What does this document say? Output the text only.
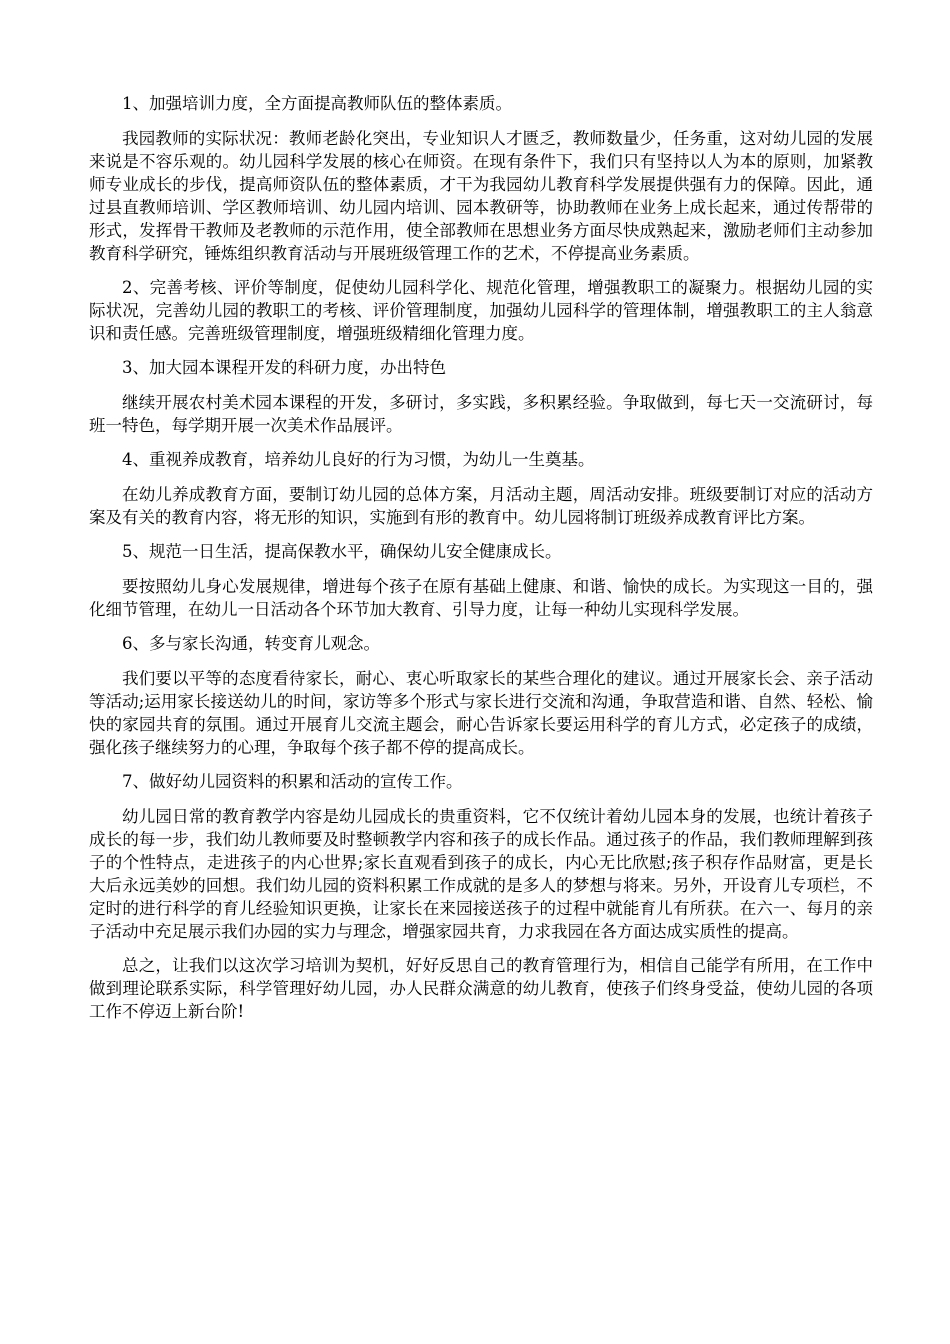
1、加强培训力度，全方面提高教师队伍的整体素质。

我园教师的实际状况：教师老龄化突出，专业知识人才匮乏，教师数量少，任务重，这对幼儿园的发展来说是不容乐观的。幼儿园科学发展的核心在师资。在现有条件下，我们只有坚持以人为本的原则，加紧教师专业成长的步伐，提高师资队伍的整体素质，才干为我园幼儿教育科学发展提供强有力的保障。因此，通过县直教师培训、学区教师培训、幼儿园内培训、园本教研等，协助教师在业务上成长起来，通过传帮带的形式，发挥骨干教师及老教师的示范作用，使全部教师在思想业务方面尽快成熟起来，激励老师们主动参加教育科学研究，锤炼组织教育活动与开展班级管理工作的艺术，不停提高业务素质。

2、完善考核、评价等制度，促使幼儿园科学化、规范化管理，增强教职工的凝聚力。根据幼儿园的实际状况，完善幼儿园的教职工的考核、评价管理制度，加强幼儿园科学的管理体制，增强教职工的主人翁意识和责任感。完善班级管理制度，增强班级精细化管理力度。

3、加大园本课程开发的科研力度，办出特色

继续开展农村美术园本课程的开发，多研讨，多实践，多积累经验。争取做到，每七天一交流研讨，每班一特色，每学期开展一次美术作品展评。

4、重视养成教育，培养幼儿良好的行为习惯，为幼儿一生奠基。

在幼儿养成教育方面，要制订幼儿园的总体方案，月活动主题，周活动安排。班级要制订对应的活动方案及有关的教育内容，将无形的知识，实施到有形的教育中。幼儿园将制订班级养成教育评比方案。

5、规范一日生活，提高保教水平，确保幼儿安全健康成长。

要按照幼儿身心发展规律，增进每个孩子在原有基础上健康、和谐、愉快的成长。为实现这一目的，强化细节管理，在幼儿一日活动各个环节加大教育、引导力度，让每一种幼儿实现科学发展。

6、多与家长沟通，转变育儿观念。

我们要以平等的态度看待家长，耐心、衷心听取家长的某些合理化的建议。通过开展家长会、亲子活动等活动;运用家长接送幼儿的时间，家访等多个形式与家长进行交流和沟通，争取营造和谐、自然、轻松、愉快的家园共育的氛围。通过开展育儿交流主题会，耐心告诉家长要运用科学的育儿方式，必定孩子的成绩，强化孩子继续努力的心理，争取每个孩子都不停的提高成长。

7、做好幼儿园资料的积累和活动的宣传工作。

幼儿园日常的教育教学内容是幼儿园成长的贵重资料，它不仅统计着幼儿园本身的发展，也统计着孩子成长的每一步，我们幼儿教师要及时整顿教学内容和孩子的成长作品。通过孩子的作品，我们教师理解到孩子的个性特点，走进孩子的内心世界;家长直观看到孩子的成长，内心无比欣慰;孩子积存作品财富，更是长大后永远美妙的回想。我们幼儿园的资料积累工作成就的是多人的梦想与将来。另外，开设育儿专项栏，不定时的进行科学的育儿经验知识更换，让家长在来园接送孩子的过程中就能育儿有所获。在六一、每月的亲子活动中充足展示我们办园的实力与理念，增强家园共育，力求我园在各方面达成实质性的提高。

总之，让我们以这次学习培训为契机，好好反思自己的教育管理行为，相信自己能学有所用，在工作中做到理论联系实际，科学管理好幼儿园，办人民群众满意的幼儿教育，使孩子们终身受益，使幼儿园的各项工作不停迈上新台阶!
